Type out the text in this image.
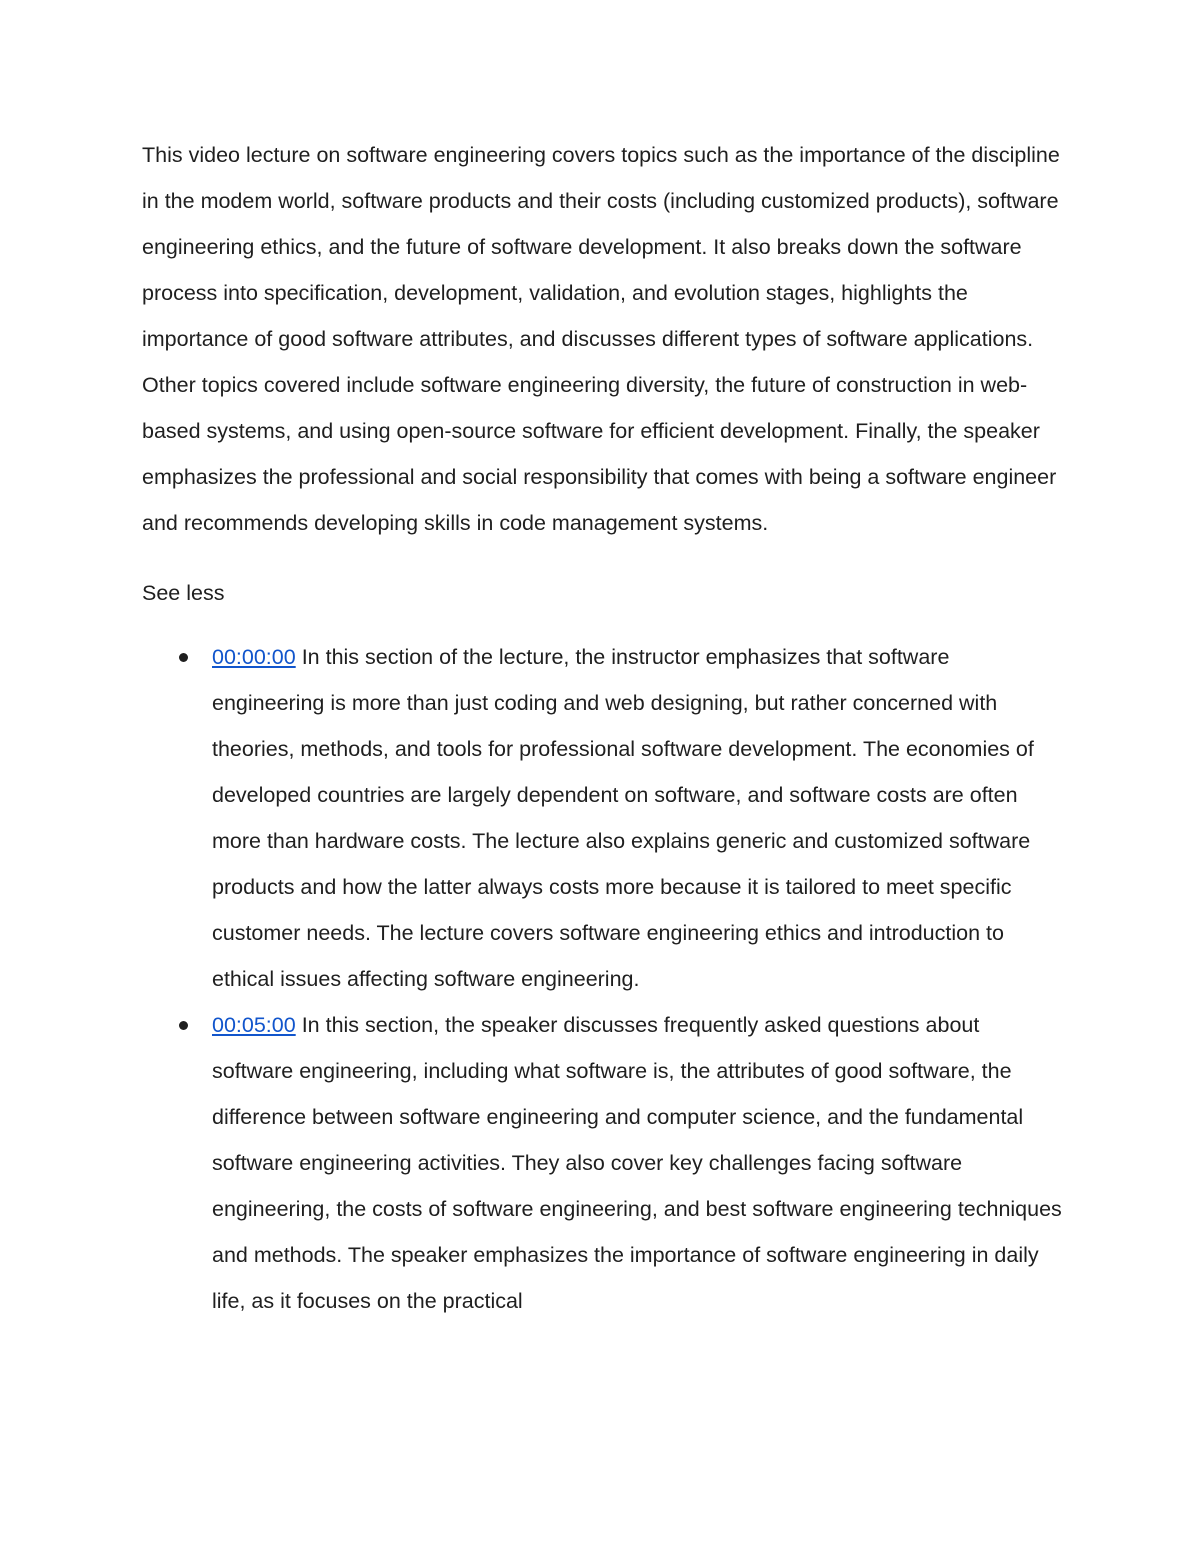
This video lecture on software engineering covers topics such as the importance of the discipline in the modem world, software products and their costs (including customized products), software engineering ethics, and the future of software development. It also breaks down the software process into specification, development, validation, and evolution stages, highlights the importance of good software attributes, and discusses different types of software applications. Other topics covered include software engineering diversity, the future of construction in web-based systems, and using open-source software for efficient development. Finally, the speaker emphasizes the professional and social responsibility that comes with being a software engineer and recommends developing skills in code management systems.

See less
00:00:00 In this section of the lecture, the instructor emphasizes that software engineering is more than just coding and web designing, but rather concerned with theories, methods, and tools for professional software development. The economies of developed countries are largely dependent on software, and software costs are often more than hardware costs. The lecture also explains generic and customized software products and how the latter always costs more because it is tailored to meet specific customer needs. The lecture covers software engineering ethics and introduction to ethical issues affecting software engineering.
00:05:00 In this section, the speaker discusses frequently asked questions about software engineering, including what software is, the attributes of good software, the difference between software engineering and computer science, and the fundamental software engineering activities. They also cover key challenges facing software engineering, the costs of software engineering, and best software engineering techniques and methods. The speaker emphasizes the importance of software engineering in daily life, as it focuses on the practical
